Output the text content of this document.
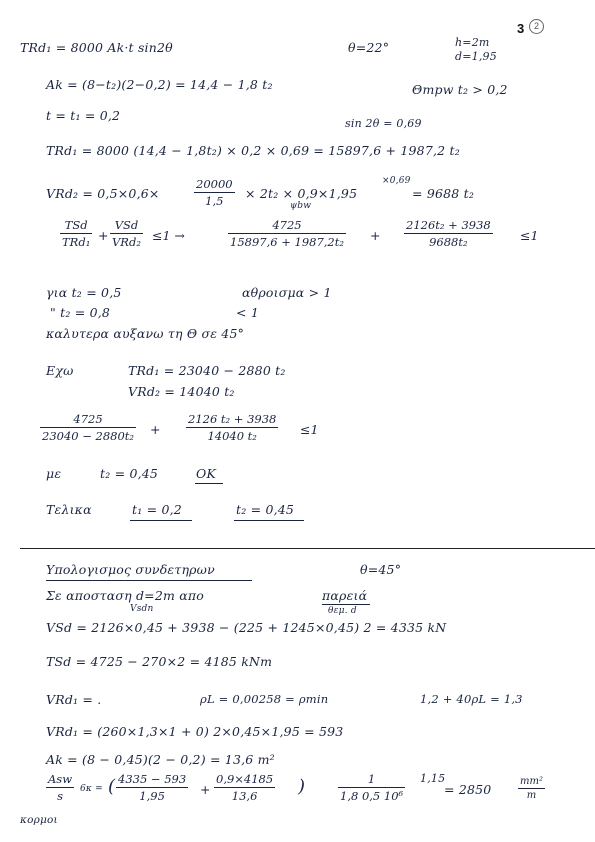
3	2
TRd₁ = 8000 Ak·t sin2θ	θ=22°	h=2m
d=1,95
Ak = (8−t₂)(2−0,2) = 14,4 − 1,8 t₂	Θmpw t₂ > 0,2
t = t₁ = 0,2
sin 2θ = 0,69
TRd₁ = 8000 (14,4 − 1,8t₂) × 0,2 × 0,69 = 15897,6 + 1987,2 t₂
VRd₂ = 0,5×0,6×
20000
1,5	× 2t₂ × 0,9×1,95
×0,69
ψbw
= 9688 t₂
TSd
TRd₁ +
VSd
VRd₂ ≤1 →
4725
15897,6 + 1987,2t₂ +
2126t₂ + 3938
9688t₂	≤1
για t₂ = 0,5	αθροισμα > 1
" t₂ = 0,8	< 1
καλυτερα αυξανω τη Θ σε 45°
Εχω	TRd₁ = 23040 − 2880 t₂
VRd₂ = 14040 t₂
4725
23040 − 2880t₂ +
2126 t₂ + 3938
14040 t₂	≤1
με	t₂ = 0,45	OK
Τελικα	t₁ = 0,2	t₂ = 0,45
Υπολογισμος συνδετηρων	θ=45°
Σε αποσταση d=2m απο	παρειά
θεμ. d
Vsdn
VSd = 2126×0,45 + 3938 − (225 + 1245×0,45) 2 = 4335 kN
TSd = 4725 − 270×2 = 4185 kNm
VRd₁ = .	ρL = 0,00258 = ρmin	1,2 + 40ρL = 1,3
VRd₁ = (260×1,3×1 + 0) 2×0,45×1,95 = 593
Ak = (8 − 0,45)(2 − 0,2) = 13,6 m²
Asw
s	6κ = ( 4335 − 593
1,95	+
0,9×4185
13,6	)	1
1,8 0,5 10⁶
1,15
= 2850
mm²
m
κορμοι
